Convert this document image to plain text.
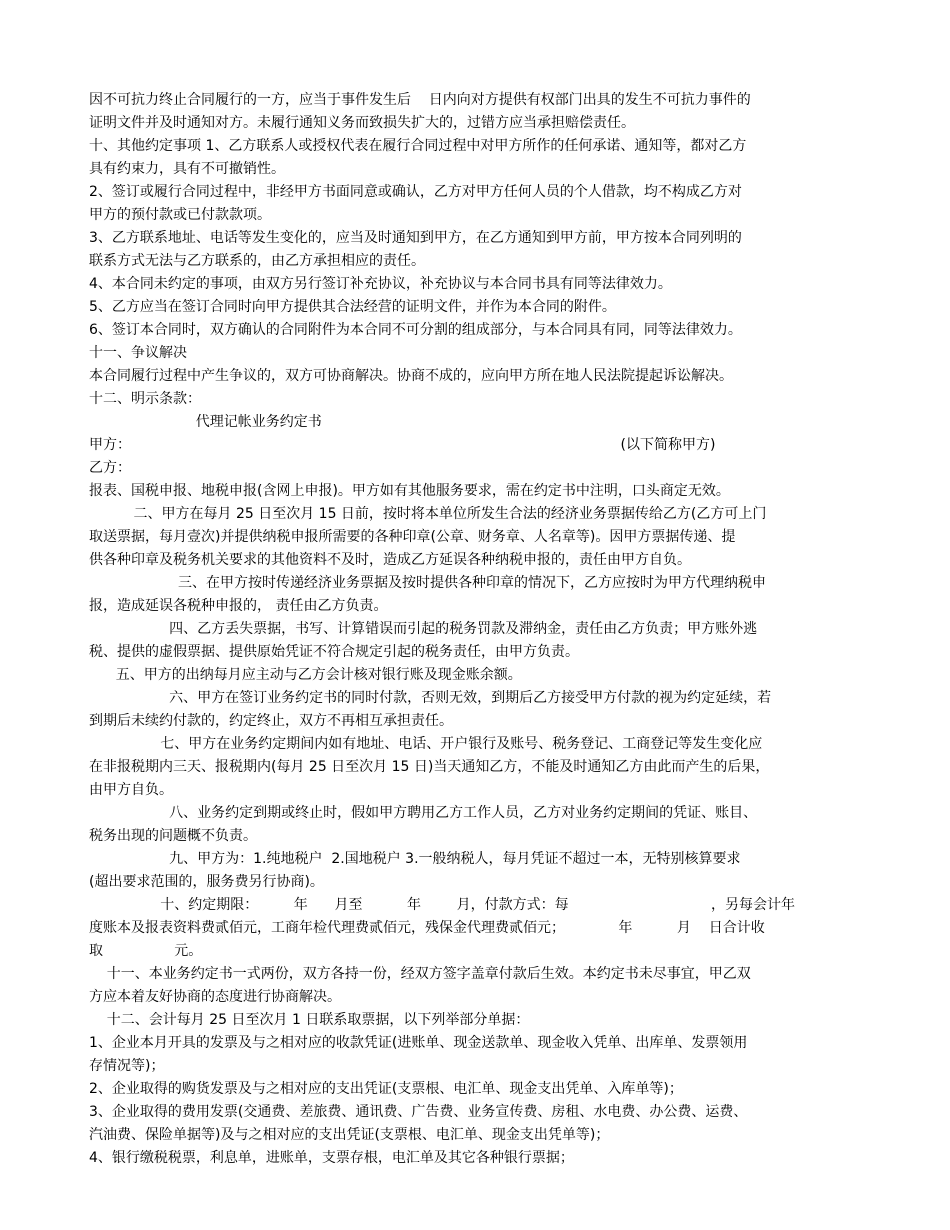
因不可抗力终止合同履行的一方，应当于事件发生后    日内向对方提供有权部门出具的发生不可抗力事件的
证明文件并及时通知对方。未履行通知义务而致损失扩大的，过错方应当承担赔偿责任。
十、其他约定事项 1、乙方联系人或授权代表在履行合同过程中对甲方所作的任何承诺、通知等，都对乙方
具有约束力，具有不可撤销性。
2、签订或履行合同过程中，非经甲方书面同意或确认，乙方对甲方任何人员的个人借款，均不构成乙方对
甲方的预付款或已付款款项。
3、乙方联系地址、电话等发生变化的，应当及时通知到甲方，在乙方通知到甲方前，甲方按本合同列明的
联系方式无法与乙方联系的，由乙方承担相应的责任。
4、本合同未约定的事项，由双方另行签订补充协议，补充协议与本合同书具有同等法律效力。
5、乙方应当在签订合同时向甲方提供其合法经营的证明文件，并作为本合同的附件。
6、签订本合同时，双方确认的合同附件为本合同不可分割的组成部分，与本合同具有同，同等法律效力。
十一、争议解决
本合同履行过程中产生争议的，双方可协商解决。协商不成的，应向甲方所在地人民法院提起诉讼解决。
十二、明示条款：
代理记帐业务约定书
甲方：                                                                                                              (以下简称甲方)
乙方：
报表、国税申报、地税申报(含网上申报)。甲方如有其他服务要求，需在约定书中注明，口头商定无效。
二、甲方在每月 25 日至次月 15 日前，按时将本单位所发生合法的经济业务票据传给乙方(乙方可上门
取送票据，每月壹次)并提供纳税申报所需要的各种印章(公章、财务章、人名章等)。因甲方票据传递、提
供各种印章及税务机关要求的其他资料不及时，造成乙方延误各种纳税申报的，责任由甲方自负。
三、在甲方按时传递经济业务票据及按时提供各种印章的情况下，乙方应按时为甲方代理纳税申
报，造成延误各税种申报的， 责任由乙方负责。
四、乙方丢失票据，书写、计算错误而引起的税务罚款及滞纳金，责任由乙方负责；甲方账外逃
税、提供的虚假票据、提供原始凭证不符合规定引起的税务责任，由甲方负责。
五、甲方的出纳每月应主动与乙方会计核对银行账及现金账余额。
六、甲方在签订业务约定书的同时付款，否则无效，到期后乙方接受甲方付款的视为约定延续，若
到期后未续约付款的，约定终止，双方不再相互承担责任。
七、甲方在业务约定期间内如有地址、电话、开户银行及账号、税务登记、工商登记等发生变化应
在非报税期内三天、报税期内(每月 25 日至次月 15 日)当天通知乙方，不能及时通知乙方由此而产生的后果，
由甲方自负。
八、业务约定到期或终止时，假如甲方聘用乙方工作人员，乙方对业务约定期间的凭证、账目、
税务出现的问题概不负责。
九、甲方为：1.纯地税户  2.国地税户 3.一般纳税人，每月凭证不超过一本，无特别核算要求
(超出要求范围的，服务费另行协商)。
十、约定期限：        年      月至          年        月，付款方式：每                                ，另每会计年
度账本及报表资料费贰佰元，工商年检代理费贰佰元，残保金代理费贰佰元；            年          月    日合计收
取                元。
十一、本业务约定书一式两份，双方各持一份，经双方签字盖章付款后生效。本约定书未尽事宜，甲乙双
方应本着友好协商的态度进行协商解决。
十二、会计每月 25 日至次月 1 日联系取票据，以下列举部分单据：
1、企业本月开具的发票及与之相对应的收款凭证(进账单、现金送款单、现金收入凭单、出库单、发票领用
存情况等)；
2、企业取得的购货发票及与之相对应的支出凭证(支票根、电汇单、现金支出凭单、入库单等)；
3、企业取得的费用发票(交通费、差旅费、通讯费、广告费、业务宣传费、房租、水电费、办公费、运费、
汽油费、保险单据等)及与之相对应的支出凭证(支票根、电汇单、现金支出凭单等)；
4、银行缴税税票，利息单，进账单，支票存根，电汇单及其它各种银行票据；
